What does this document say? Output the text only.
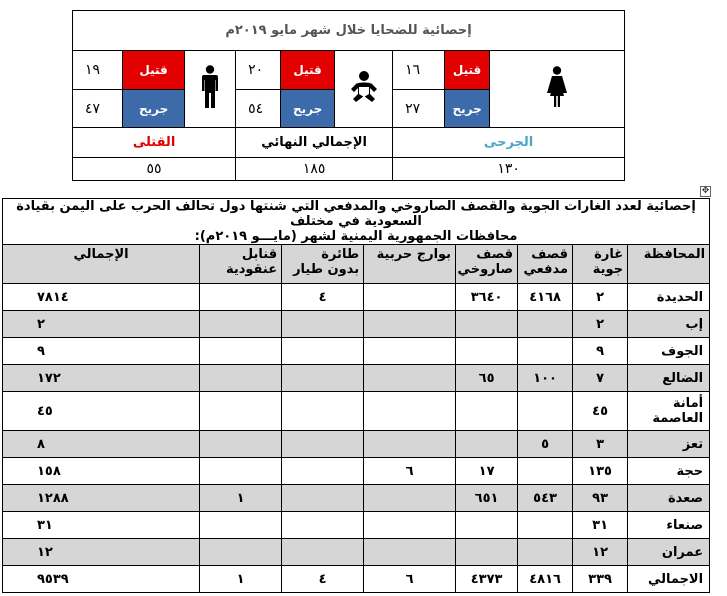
إحصائية للضحايا خلال شهر مايو ٢٠١٩م								
	قتيل	١٦		قتيل	٢٠		قتيل	١٩
	جريح	٢٧		جريح	٥٤		جريح	٤٧
الجرحى			الإجمالي النهائي			القتلى		
١٣٠			١٨٥			٥٥		
✥
إحصائية لعدد الغارات الجوية والقصف الصاروخي والمدفعي التي شنتها دول تحالف الحرب على اليمن بقيادة السعودية في مختلف
محافظات الجمهورية اليمنية لشهر (مايـــو ٢٠١٩م):							

المحافظة	غارة جوية	قصف مدفعي	قصف صاروخي	بوارج حربية	طائرة بدون طيار	قنابل عنقودية	الإجمالي
الحديدة	٢	٤١٦٨	٣٦٤٠		٤		٧٨١٤
إب	٢						٢
الجوف	٩						٩
الضالع	٧	١٠٠	٦٥				١٧٢
أمانة العاصمة	٤٥						٤٥
تعز	٣	٥					٨
حجة	١٣٥		١٧	٦			١٥٨
صعدة	٩٣	٥٤٣	٦٥١			١	١٢٨٨
صنعاء	٣١						٣١
عمران	١٢						١٢
الاجمالي	٣٣٩	٤٨١٦	٤٣٧٣	٦	٤	١	٩٥٣٩
